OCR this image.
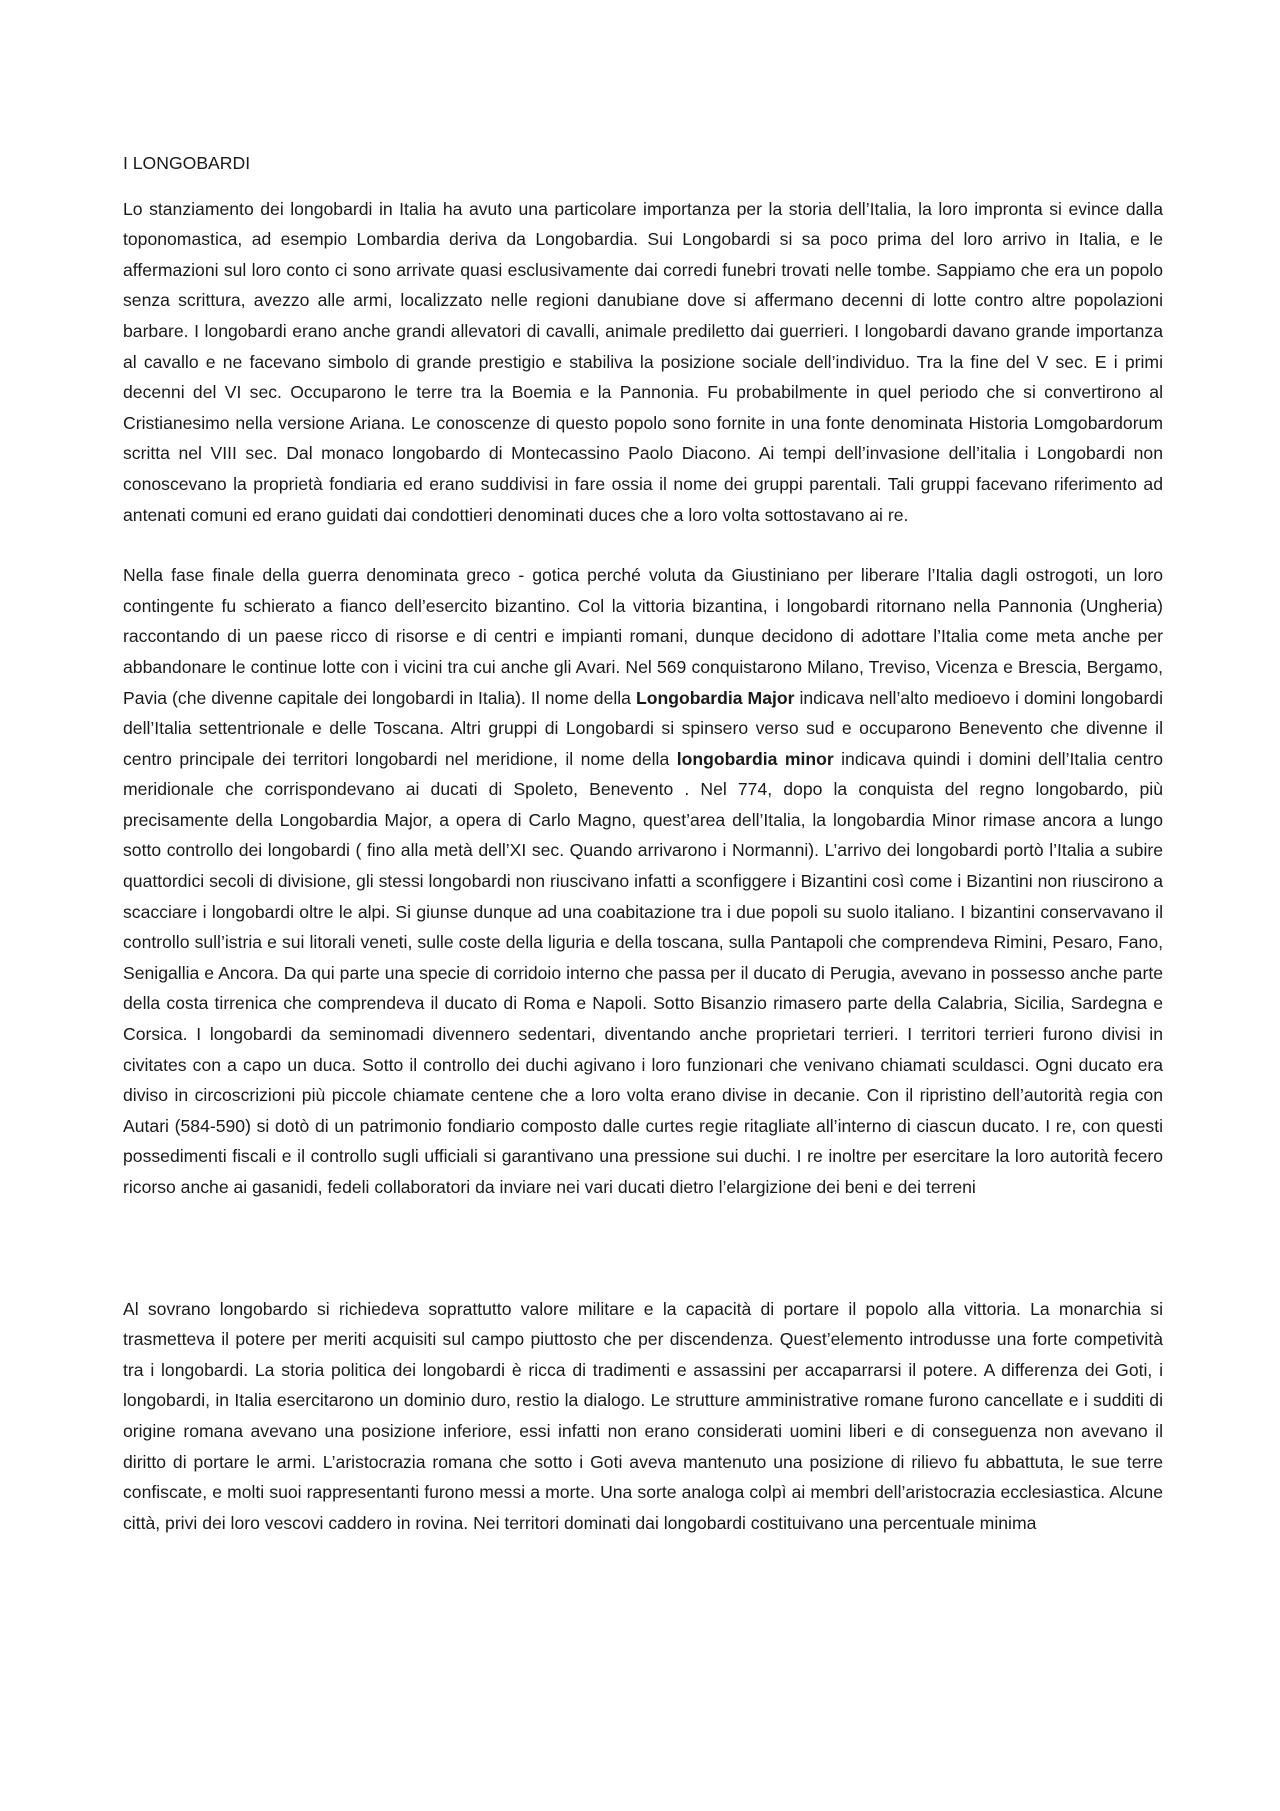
I LONGOBARDI

Lo stanziamento dei longobardi in Italia ha avuto una particolare importanza per la storia dell’Italia, la loro impronta si evince dalla toponomastica, ad esempio Lombardia deriva da Longobardia. Sui Longobardi si sa poco prima del loro arrivo in Italia, e le affermazioni sul loro conto ci sono arrivate quasi esclusivamente dai corredi funebri trovati nelle tombe. Sappiamo che era un popolo senza scrittura, avezzo alle armi, localizzato nelle regioni danubiane dove si affermano decenni di lotte contro altre popolazioni barbare. I longobardi erano anche grandi allevatori di cavalli, animale prediletto dai guerrieri. I longobardi davano grande importanza al cavallo e ne facevano simbolo di grande prestigio e stabiliva la posizione sociale dell’individuo. Tra la fine del V sec. E i primi decenni del VI sec. Occuparono le terre tra la Boemia e la Pannonia. Fu probabilmente in quel periodo che si convertirono al Cristianesimo nella versione Ariana. Le conoscenze di questo popolo sono fornite in una fonte denominata Historia Lomgobardorum scritta nel VIII sec. Dal monaco longobardo di Montecassino Paolo Diacono. Ai tempi dell’invasione dell’italia i Longobardi non conoscevano la proprietà fondiaria ed erano suddivisi in fare ossia il nome dei gruppi parentali. Tali gruppi facevano riferimento ad antenati comuni ed erano guidati dai condottieri denominati duces che a loro volta sottostavano ai re.

Nella fase finale della guerra denominata greco - gotica perché voluta da Giustiniano per liberare l’Italia dagli ostrogoti, un loro contingente fu schierato a fianco dell’esercito bizantino. Col la vittoria bizantina, i longobardi ritornano nella Pannonia (Ungheria) raccontando di un paese ricco di risorse e di centri e impianti romani, dunque decidono di adottare l’Italia come meta anche per abbandonare le continue lotte con i vicini tra cui anche gli Avari. Nel 569 conquistarono Milano, Treviso, Vicenza e Brescia, Bergamo, Pavia (che divenne capitale dei longobardi in Italia). Il nome della Longobardia Major indicava nell’alto medioevo i domini longobardi dell’Italia settentrionale e delle Toscana. Altri gruppi di Longobardi si spinsero verso sud e occuparono Benevento che divenne il centro principale dei territori longobardi nel meridione, il nome della longobardia minor indicava quindi i domini dell’Italia centro meridionale che corrispondevano ai ducati di Spoleto, Benevento . Nel 774, dopo la conquista del regno longobardo, più precisamente della Longobardia Major, a opera di Carlo Magno, quest’area dell’Italia, la longobardia Minor rimase ancora a lungo sotto controllo dei longobardi ( fino alla metà dell’XI sec. Quando arrivarono i Normanni). L’arrivo dei longobardi portò l’Italia a subire quattordici secoli di divisione, gli stessi longobardi non riuscivano infatti a sconfiggere i Bizantini così come i Bizantini non riuscirono a scacciare i longobardi oltre le alpi. Si giunse dunque ad una coabitazione tra i due popoli su suolo italiano. I bizantini conservavano il controllo sull’istria e sui litorali veneti, sulle coste della liguria e della toscana, sulla Pantapoli che comprendeva Rimini, Pesaro, Fano, Senigallia e Ancora. Da qui parte una specie di corridoio interno che passa per il ducato di Perugia, avevano in possesso anche parte della costa tirrenica che comprendeva il ducato di Roma e Napoli. Sotto Bisanzio rimasero parte della Calabria, Sicilia, Sardegna e Corsica. I longobardi da seminomadi divennero sedentari, diventando anche proprietari terrieri. I territori terrieri furono divisi in civitates con a capo un duca. Sotto il controllo dei duchi agivano i loro funzionari che venivano chiamati sculdasci. Ogni ducato era diviso in circoscrizioni più piccole chiamate centene che a loro volta erano divise in decanie. Con il ripristino dell’autorità regia con Autari (584-590) si dotò di un patrimonio fondiario composto dalle curtes regie ritagliate all’interno di ciascun ducato. I re, con questi possedimenti fiscali e il controllo sugli ufficiali si garantivano una pressione sui duchi. I re inoltre per esercitare la loro autorità fecero ricorso anche ai gasanidi, fedeli collaboratori da inviare nei vari ducati dietro l’elargizione dei beni e dei terreni

Al sovrano longobardo si richiedeva soprattutto valore militare e la capacità di portare il popolo alla vittoria. La monarchia si trasmetteva il potere per meriti acquisiti sul campo piuttosto che per discendenza. Quest’elemento introdusse una forte competività tra i longobardi. La storia politica dei longobardi è ricca di tradimenti e assassini per accaparrarsi il potere. A differenza dei Goti, i longobardi, in Italia esercitarono un dominio duro, restio la dialogo. Le strutture amministrative romane furono cancellate e i sudditi di origine romana avevano una posizione inferiore, essi infatti non erano considerati uomini liberi e di conseguenza non avevano il diritto di portare le armi. L’aristocrazia romana che sotto i Goti aveva mantenuto una posizione di rilievo fu abbattuta, le sue terre confiscate, e molti suoi rappresentanti furono messi a morte. Una sorte analoga colpì ai membri dell’aristocrazia ecclesiastica. Alcune città, privi dei loro vescovi caddero in rovina. Nei territori dominati dai longobardi costituivano una percentuale minima
